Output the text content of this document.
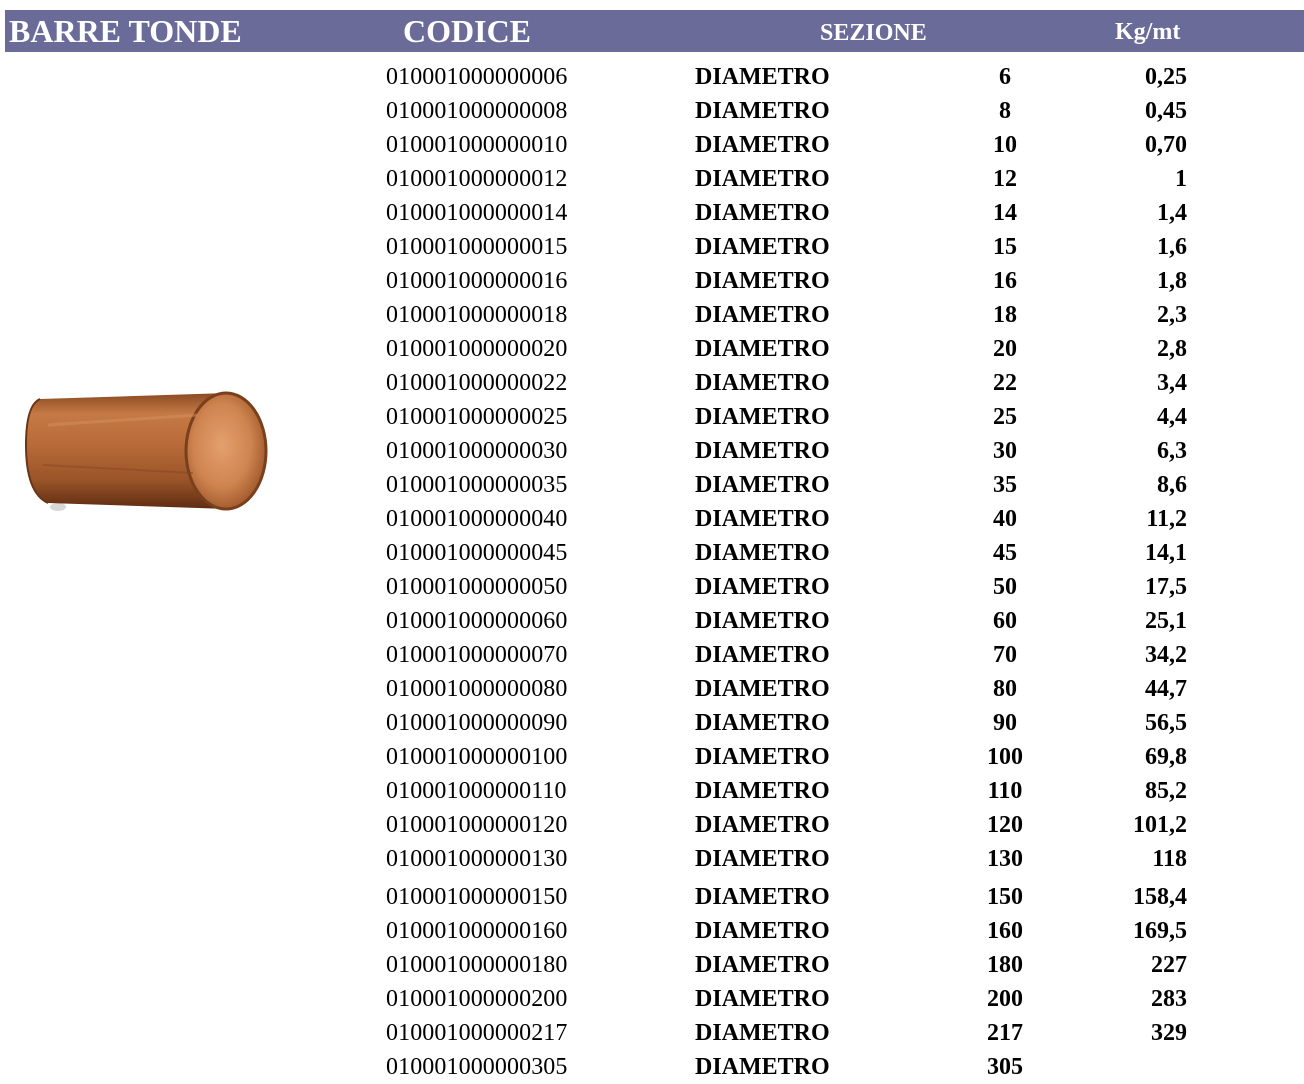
BARRE TONDE	CODICE	SEZIONE	Kg/mt
010001000000006	DIAMETRO	6	0,25
010001000000008	DIAMETRO	8	0,45
010001000000010	DIAMETRO	10	0,70
010001000000012	DIAMETRO	12	1
010001000000014	DIAMETRO	14	1,4
010001000000015	DIAMETRO	15	1,6
010001000000016	DIAMETRO	16	1,8
010001000000018	DIAMETRO	18	2,3
010001000000020	DIAMETRO	20	2,8
010001000000022	DIAMETRO	22	3,4
010001000000025	DIAMETRO	25	4,4
010001000000030	DIAMETRO	30	6,3
010001000000035	DIAMETRO	35	8,6
010001000000040	DIAMETRO	40	11,2
010001000000045	DIAMETRO	45	14,1
010001000000050	DIAMETRO	50	17,5
010001000000060	DIAMETRO	60	25,1
010001000000070	DIAMETRO	70	34,2
010001000000080	DIAMETRO	80	44,7
010001000000090	DIAMETRO	90	56,5
010001000000100	DIAMETRO	100	69,8
010001000000110	DIAMETRO	110	85,2
010001000000120	DIAMETRO	120	101,2
010001000000130	DIAMETRO	130	118
010001000000150	DIAMETRO	150	158,4
010001000000160	DIAMETRO	160	169,5
010001000000180	DIAMETRO	180	227
010001000000200	DIAMETRO	200	283
010001000000217	DIAMETRO	217	329
010001000000305	DIAMETRO	305
